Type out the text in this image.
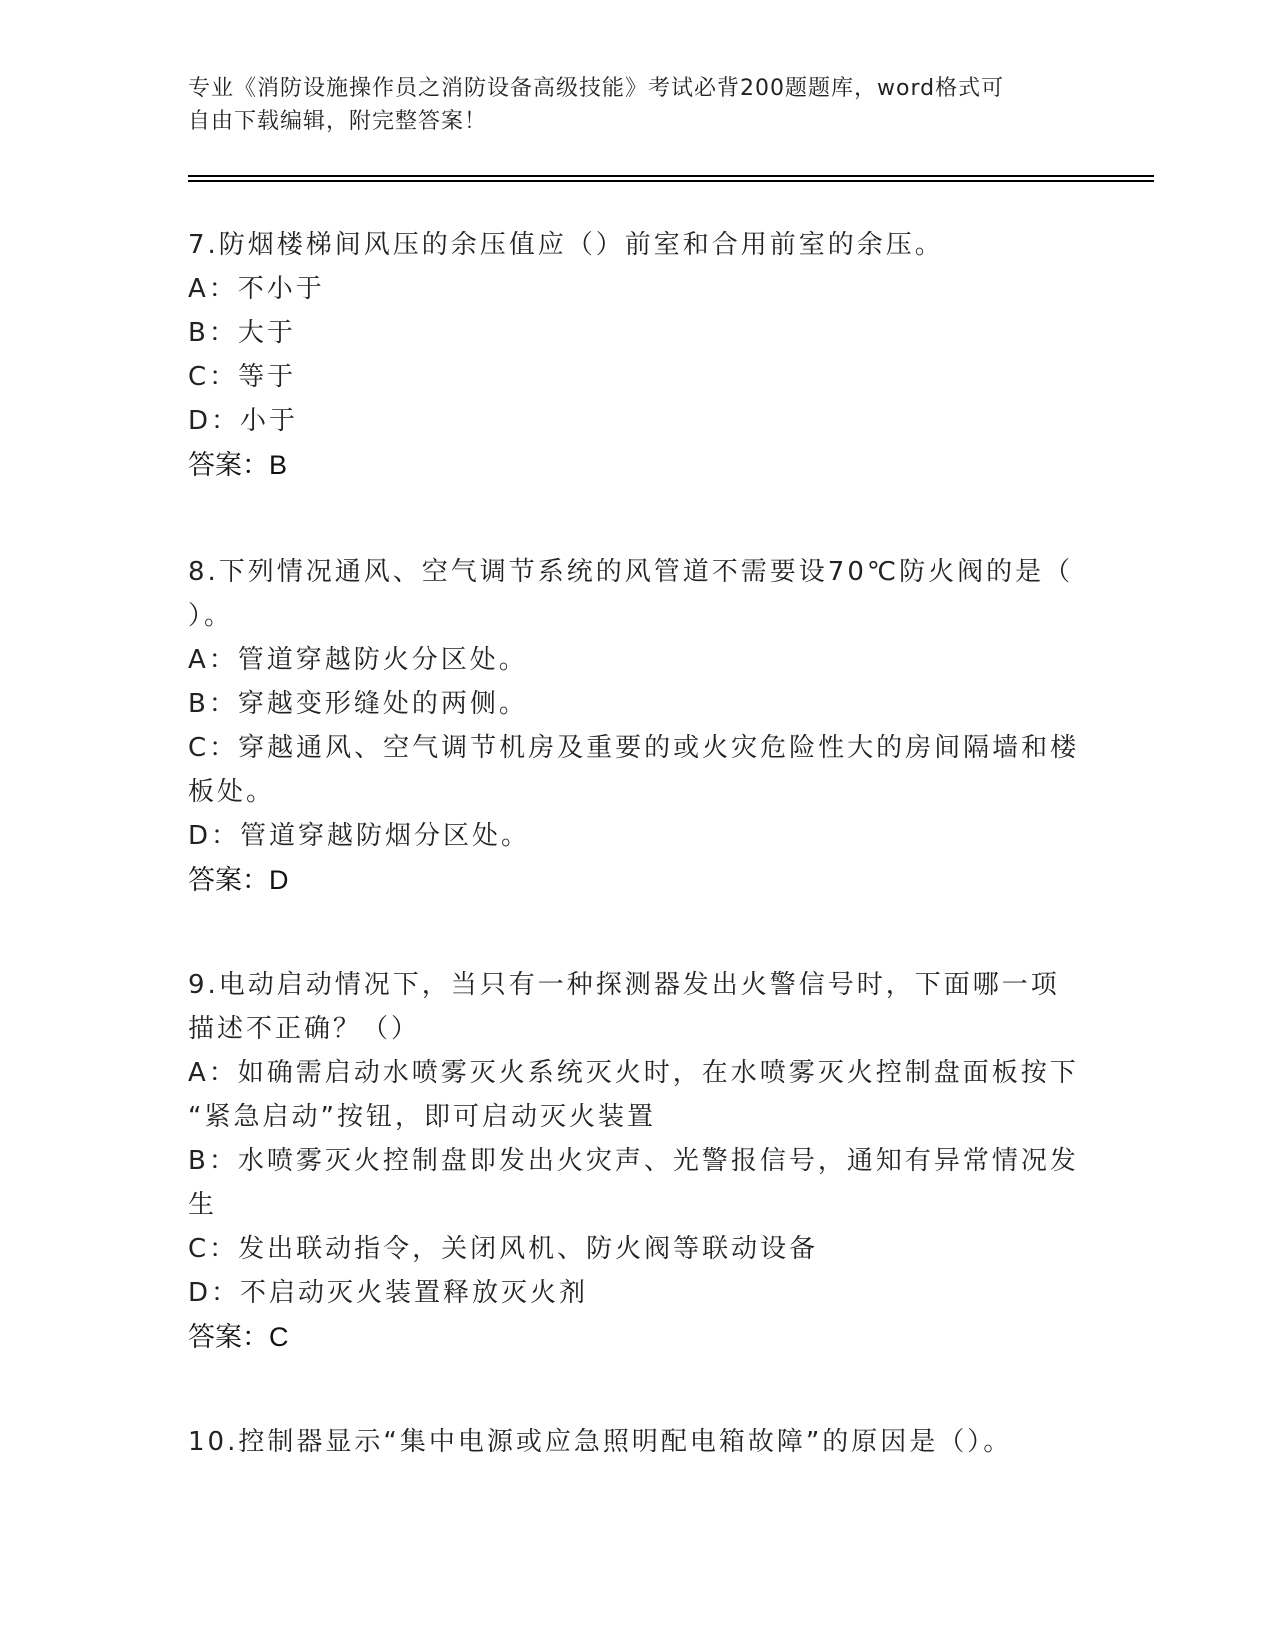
专业《消防设施操作员之消防设备高级技能》考试必背200题题库，word格式可
自由下载编辑，附完整答案！
7.防烟楼梯间风压的余压值应（）前室和合用前室的余压。
A：不小于
B：大于
C：等于
D：小于
答案：B
8.下列情况通风、空气调节系统的风管道不需要设70℃防火阀的是（
）。
A：管道穿越防火分区处。
B：穿越变形缝处的两侧。
C：穿越通风、空气调节机房及重要的或火灾危险性大的房间隔墙和楼
板处。
D：管道穿越防烟分区处。
答案：D
9.电动启动情况下，当只有一种探测器发出火警信号时，下面哪一项
描述不正确？（）
A：如确需启动水喷雾灭火系统灭火时，在水喷雾灭火控制盘面板按下
“紧急启动”按钮，即可启动灭火装置
B：水喷雾灭火控制盘即发出火灾声、光警报信号，通知有异常情况发
生
C：发出联动指令，关闭风机、防火阀等联动设备
D：不启动灭火装置释放灭火剂
答案：C
10.控制器显示“集中电源或应急照明配电箱故障”的原因是（）。
